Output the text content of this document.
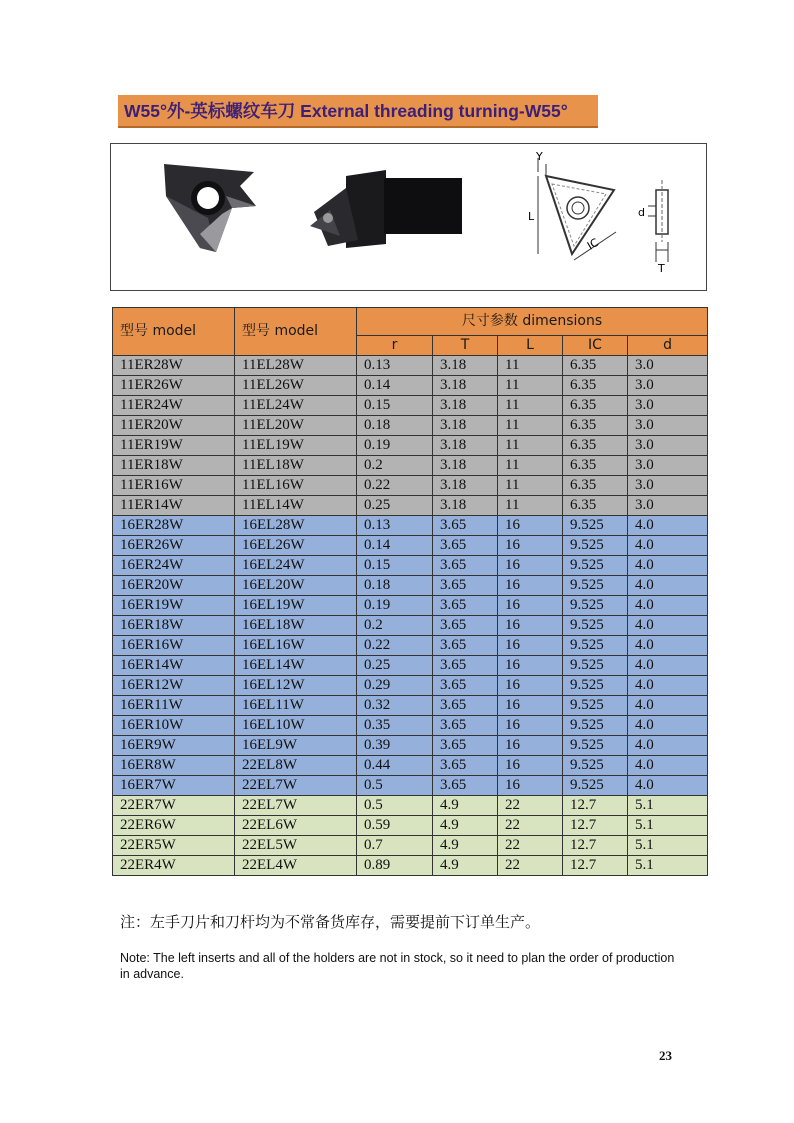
W55°外-英标螺纹车刀 External threading turning-W55°
Y
L
IC
d
T
型号 model	型号 model	尺寸参数 dimensions				
		r	T	L	IC	d
11ER28W	11EL28W	0.13	3.18	11	6.35	3.0
11ER26W	11EL26W	0.14	3.18	11	6.35	3.0
11ER24W	11EL24W	0.15	3.18	11	6.35	3.0
11ER20W	11EL20W	0.18	3.18	11	6.35	3.0
11ER19W	11EL19W	0.19	3.18	11	6.35	3.0
11ER18W	11EL18W	0.2	3.18	11	6.35	3.0
11ER16W	11EL16W	0.22	3.18	11	6.35	3.0
11ER14W	11EL14W	0.25	3.18	11	6.35	3.0
16ER28W	16EL28W	0.13	3.65	16	9.525	4.0
16ER26W	16EL26W	0.14	3.65	16	9.525	4.0
16ER24W	16EL24W	0.15	3.65	16	9.525	4.0
16ER20W	16EL20W	0.18	3.65	16	9.525	4.0
16ER19W	16EL19W	0.19	3.65	16	9.525	4.0
16ER18W	16EL18W	0.2	3.65	16	9.525	4.0
16ER16W	16EL16W	0.22	3.65	16	9.525	4.0
16ER14W	16EL14W	0.25	3.65	16	9.525	4.0
16ER12W	16EL12W	0.29	3.65	16	9.525	4.0
16ER11W	16EL11W	0.32	3.65	16	9.525	4.0
16ER10W	16EL10W	0.35	3.65	16	9.525	4.0
16ER9W	16EL9W	0.39	3.65	16	9.525	4.0
16ER8W	22EL8W	0.44	3.65	16	9.525	4.0
16ER7W	22EL7W	0.5	3.65	16	9.525	4.0
22ER7W	22EL7W	0.5	4.9	22	12.7	5.1
22ER6W	22EL6W	0.59	4.9	22	12.7	5.1
22ER5W	22EL5W	0.7	4.9	22	12.7	5.1
22ER4W	22EL4W	0.89	4.9	22	12.7	5.1
注：左手刀片和刀杆均为不常备货库存，需要提前下订单生产。
Note: The left inserts and all of the holders are not in stock, so it need to plan the order of production in advance.
23
